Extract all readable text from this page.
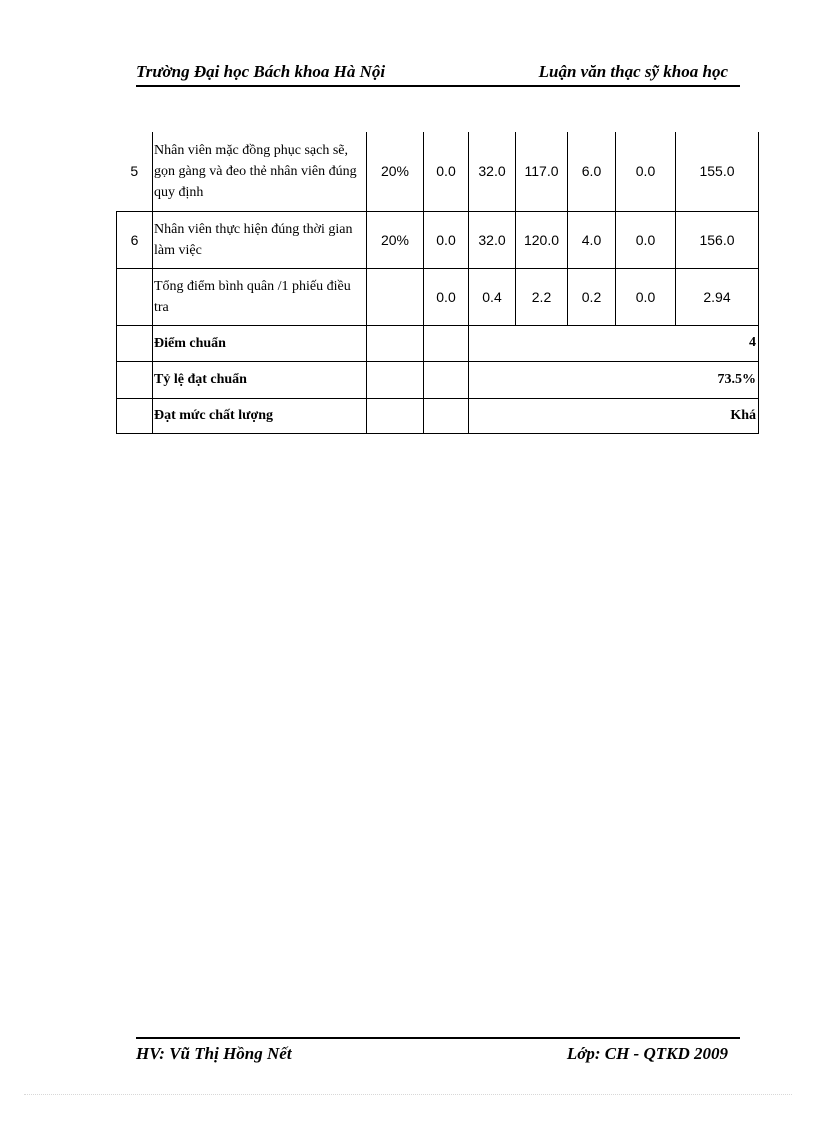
Trường Đại học Bách khoa Hà Nội	Luận văn thạc sỹ khoa học
5	Nhân viên mặc đồng phục sạch sẽ, gọn gàng và đeo thẻ nhân viên đúng quy định	20%	0.0	32.0	117.0	6.0	0.0	155.0
6	Nhân viên thực hiện đúng thời gian làm việc	20%	0.0	32.0	120.0	4.0	0.0	156.0
	Tổng điểm bình quân /1 phiếu điều tra		0.0	0.4	2.2	0.2	0.0	2.94
	Điểm chuẩn			4				
	Tỷ lệ đạt chuẩn			73.5%				
	Đạt mức chất lượng			Khá				
HV: Vũ Thị Hồng Nết	Lớp: CH - QTKD 2009
